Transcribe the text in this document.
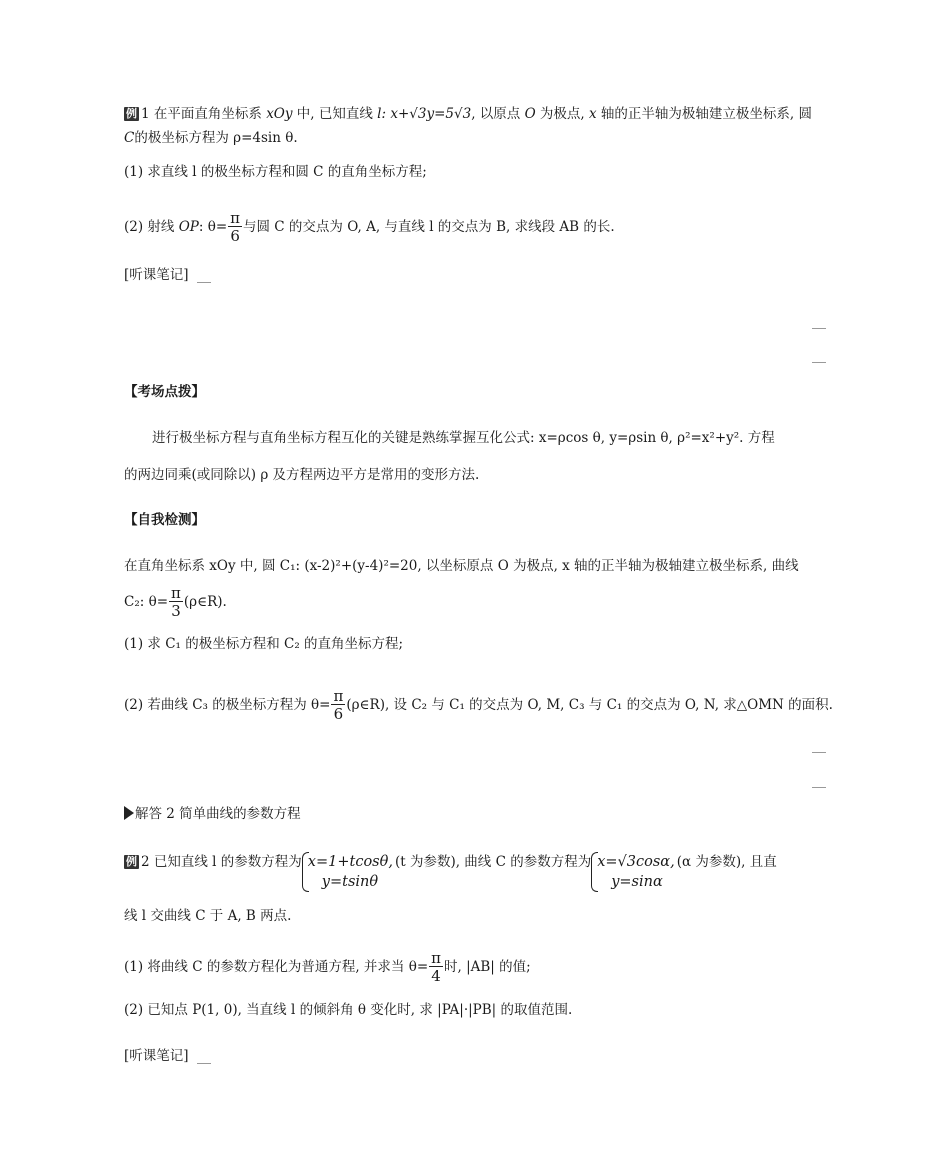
例 1 在平面直角坐标系 xOy 中, 已知直线 l: x+√3y=5√3, 以原点 O 为极点, x 轴的正半轴为极轴建立极坐标系, 圆
C的极坐标方程为 ρ=4sin θ.
(1) 求直线 l 的极坐标方程和圆 C 的直角坐标方程;
(2) 射线 OP: $\theta= \frac{\pi}{6}$ 与圆 C 的交点为 O, A, 与直线 l 的交点为 B, 求线段 AB 的长.
[听课笔记]
【考场点拨】
进行极坐标方程与直角坐标方程互化的关键是熟练掌握互化公式: x=ρcos θ, y=ρsin θ, ρ²=x²+y². 方程
的两边同乘(或同除以) ρ 及方程两边平方是常用的变形方法.
【自我检测】
在直角坐标系 xOy 中, 圆 C₁: (x-2)²+(y-4)²=20, 以坐标原点 O 为极点, x 轴的正半轴为极轴建立极坐标系, 曲线
C₂: $\theta= \frac{\pi}{3}$ (ρ∈R).
(1) 求 C₁ 的极坐标方程和 C₂ 的直角坐标方程;
(2) 若曲线 C₃ 的极坐标方程为 $\theta= \frac{\pi}{6}$ (ρ∈R), 设 C₂ 与 C₁ 的交点为 O, M, C₃ 与 C₁ 的交点为 O, N, 求△OMN 的面积.
解答 2 简单曲线的参数方程
例 2 已知直线 l 的参数方程为 x=1+tcosθ,
y=tsinθ
(t 为参数), 曲线 C 的参数方程为 x=√3cosα,
y=sinα
(α 为参数), 且直
线 l 交曲线 C 于 A, B 两点.
(1) 将曲线 C 的参数方程化为普通方程, 并求当 $\theta= \frac{\pi}{4}$ 时, |AB| 的值;
(2) 已知点 P(1, 0), 当直线 l 的倾斜角 θ 变化时, 求 |PA|·|PB| 的取值范围.
[听课笔记]
